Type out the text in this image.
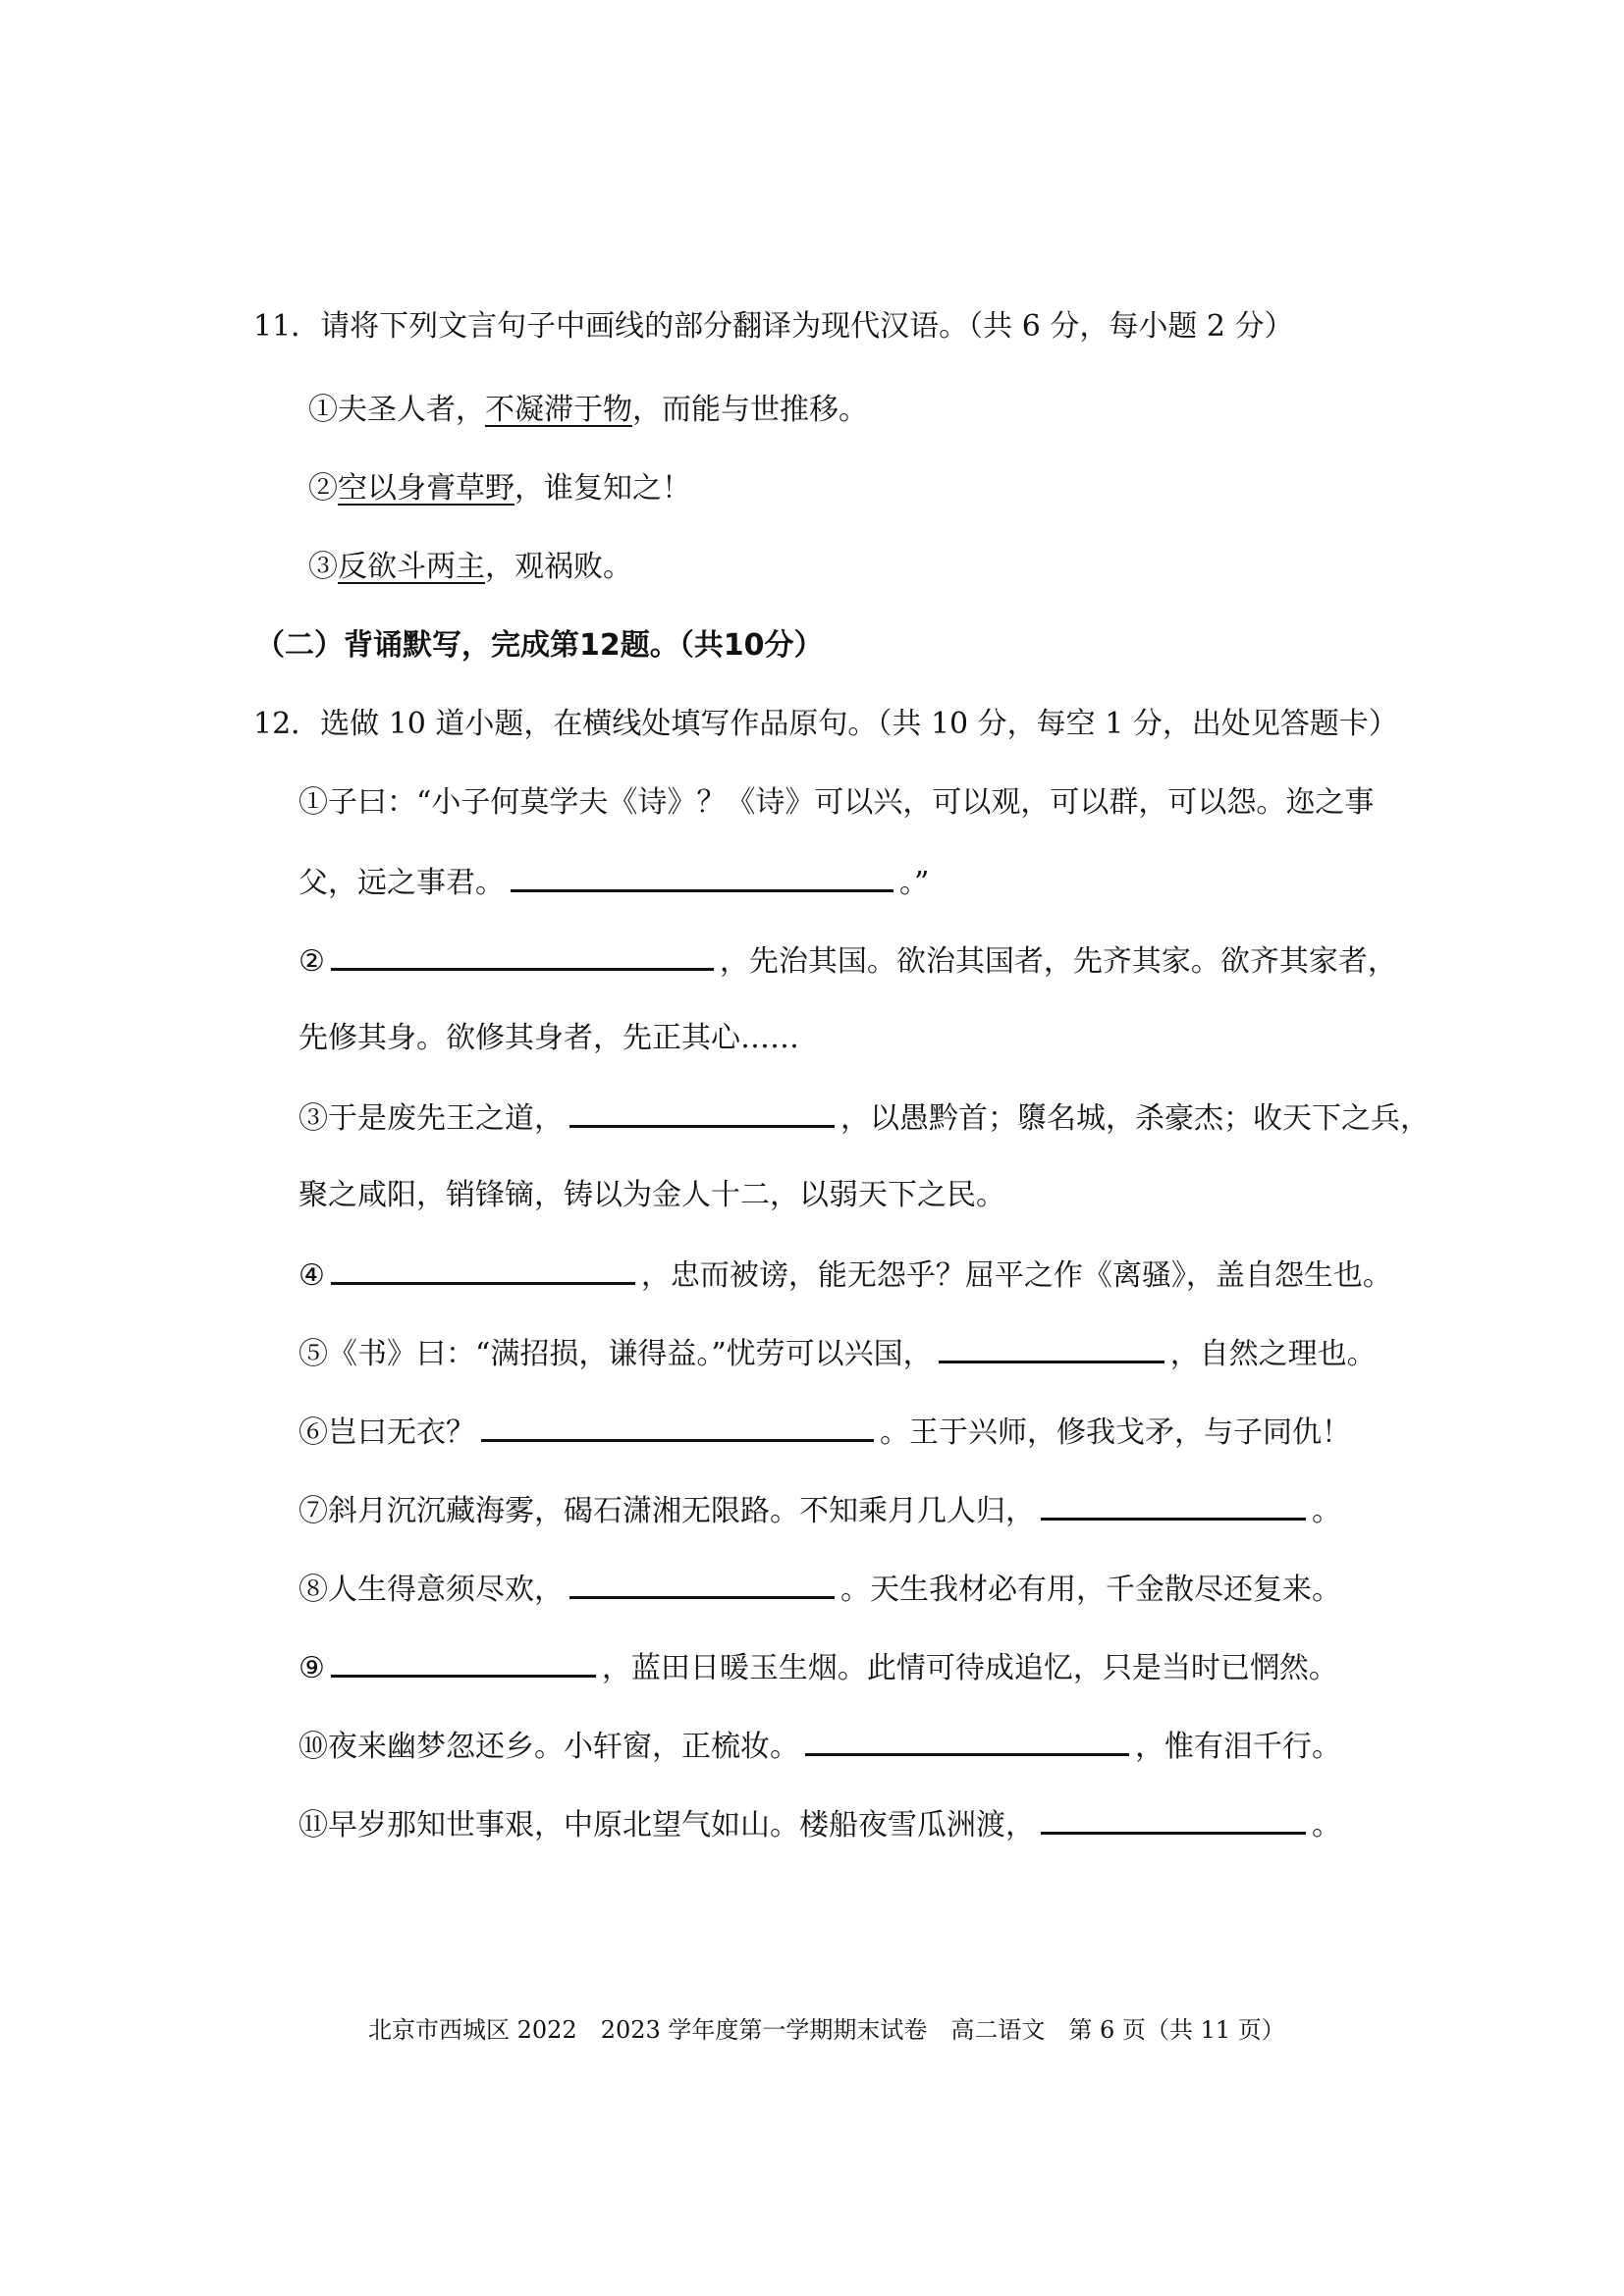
11．请将下列文言句子中画线的部分翻译为现代汉语。（共 6 分，每小题 2 分）
①夫圣人者，不凝滞于物，而能与世推移。
②空以身膏草野，谁复知之！
③反欲斗两主，观祸败。
（二）背诵默写，完成第12题。（共10分）
12．选做 10 道小题，在横线处填写作品原句。（共 10 分，每空 1 分，出处见答题卡）
①子曰：“小子何莫学夫《诗》？《诗》可以兴，可以观，可以群，可以怨。迩之事
父，远之事君。	。”
②	，先治其国。欲治其国者，先齐其家。欲齐其家者，
先修其身。欲修其身者，先正其心……
③于是废先王之道，	，以愚黔首；隳名城，杀豪杰；收天下之兵，
聚之咸阳，销锋镝，铸以为金人十二，以弱天下之民。
④	，忠而被谤，能无怨乎？屈平之作《离骚》，盖自怨生也。
⑤《书》曰：“满招损，谦得益。”忧劳可以兴国，	，自然之理也。
⑥岂曰无衣？	。王于兴师，修我戈矛，与子同仇！
⑦斜月沉沉藏海雾，碣石潇湘无限路。不知乘月几人归，	。
⑧人生得意须尽欢，	。天生我材必有用，千金散尽还复来。
⑨	，蓝田日暖玉生烟。此情可待成追忆，只是当时已惘然。
⑩夜来幽梦忽还乡。小轩窗，正梳妆。	，惟有泪千行。
⑪早岁那知世事艰，中原北望气如山。楼船夜雪瓜洲渡，	。
北京市西城区 2022　2023 学年度第一学期期末试卷　高二语文　第 6 页（共 11 页）
